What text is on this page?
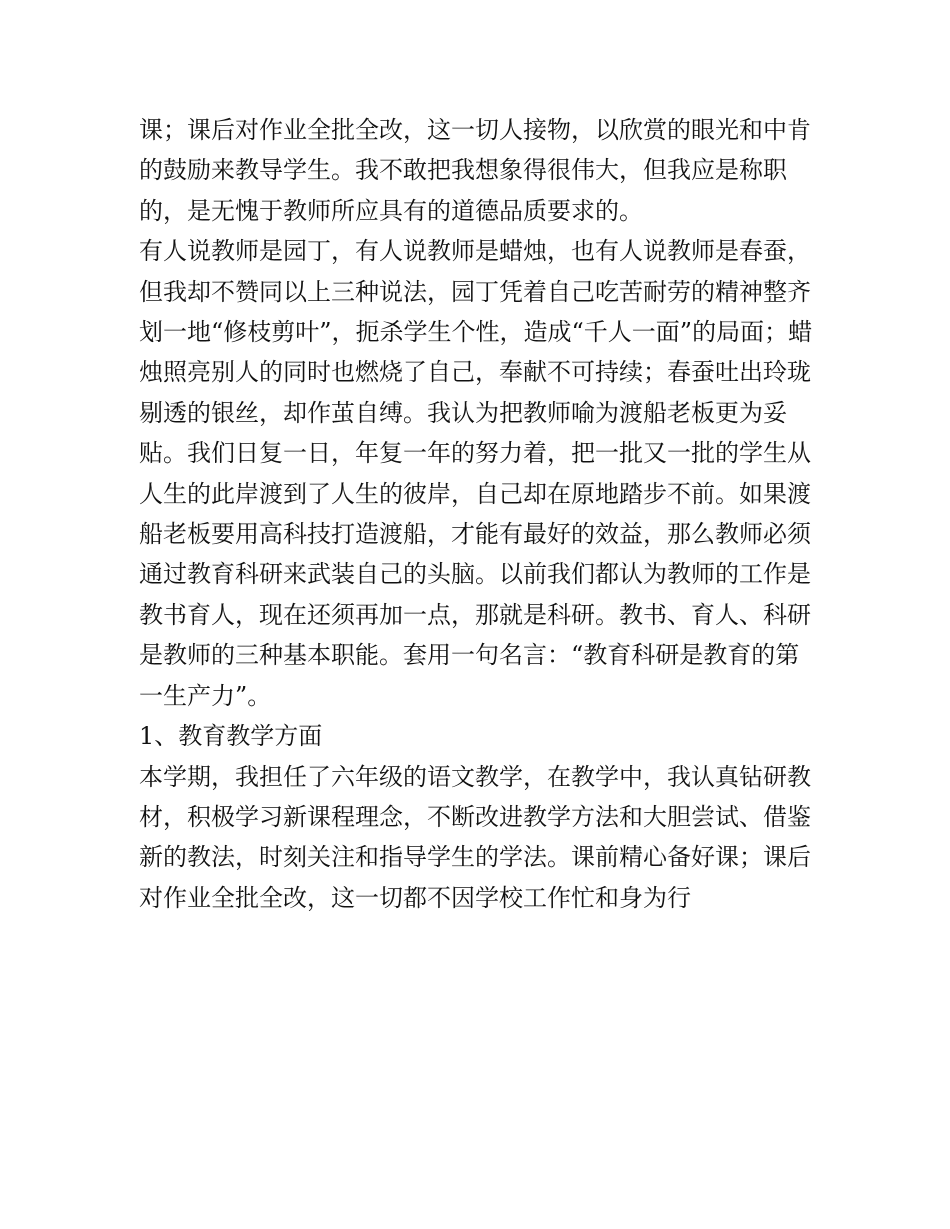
课；课后对作业全批全改，这一切人接物，以欣赏的眼光和中肯的鼓励来教导学生。我不敢把我想象得很伟大，但我应是称职的，是无愧于教师所应具有的道德品质要求的。

有人说教师是园丁，有人说教师是蜡烛，也有人说教师是春蚕，但我却不赞同以上三种说法，园丁凭着自己吃苦耐劳的精神整齐划一地“修枝剪叶”，扼杀学生个性，造成“千人一面”的局面；蜡烛照亮别人的同时也燃烧了自己，奉献不可持续；春蚕吐出玲珑剔透的银丝，却作茧自缚。我认为把教师喻为渡船老板更为妥贴。我们日复一日，年复一年的努力着，把一批又一批的学生从人生的此岸渡到了人生的彼岸，自己却在原地踏步不前。如果渡船老板要用高科技打造渡船，才能有最好的效益，那么教师必须通过教育科研来武装自己的头脑。以前我们都认为教师的工作是教书育人，现在还须再加一点，那就是科研。教书、育人、科研是教师的三种基本职能。套用一句名言：“教育科研是教育的第一生产力”。

1、教育教学方面

本学期，我担任了六年级的语文教学，在教学中，我认真钻研教材，积极学习新课程理念，不断改进教学方法和大胆尝试、借鉴新的教法，时刻关注和指导学生的学法。课前精心备好课；课后对作业全批全改，这一切都不因学校工作忙和身为行
